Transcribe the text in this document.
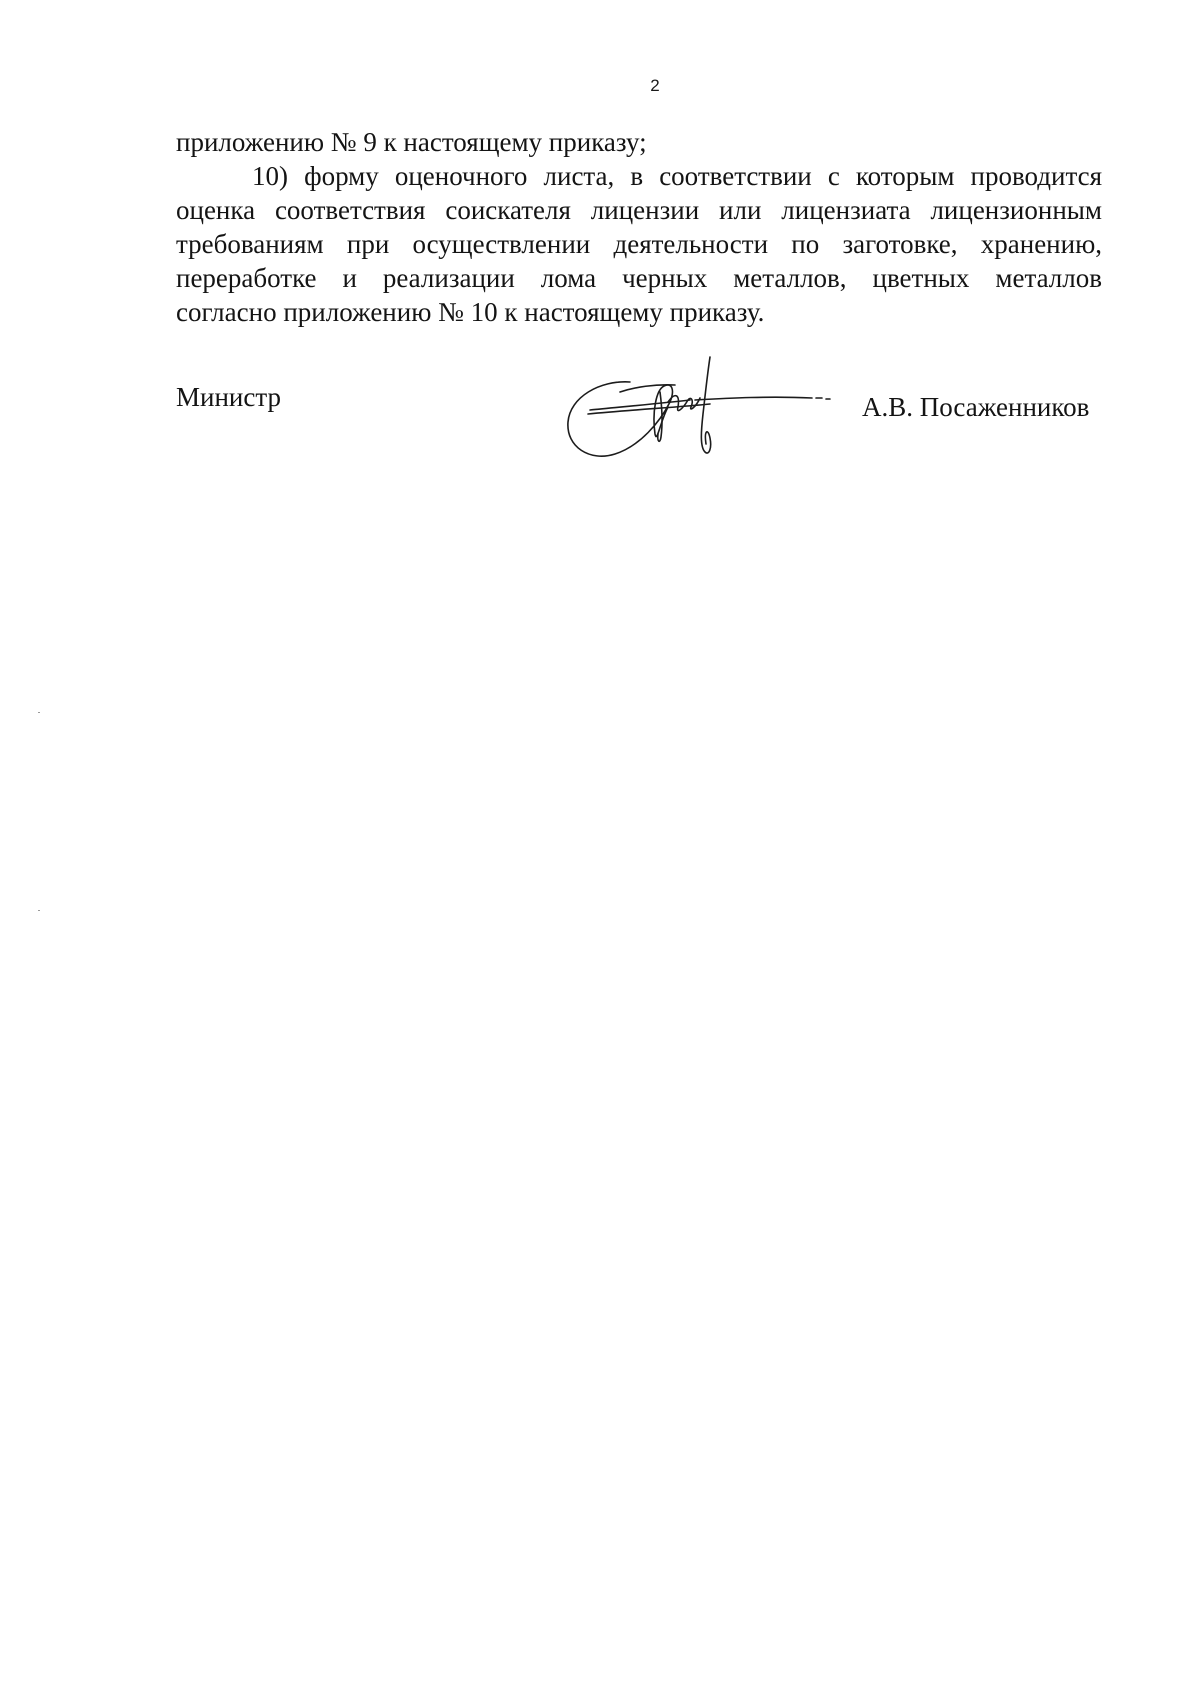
2
приложению № 9 к настоящему приказу;
10) форму оценочного листа, в соответствии с которым проводится
оценка соответствия соискателя лицензии или лицензиата лицензионным
требованиям при осуществлении деятельности по заготовке, хранению,
переработке и реализации лома черных металлов, цветных металлов
согласно приложению № 10 к настоящему приказу.
Министр	А.В. Посаженников
